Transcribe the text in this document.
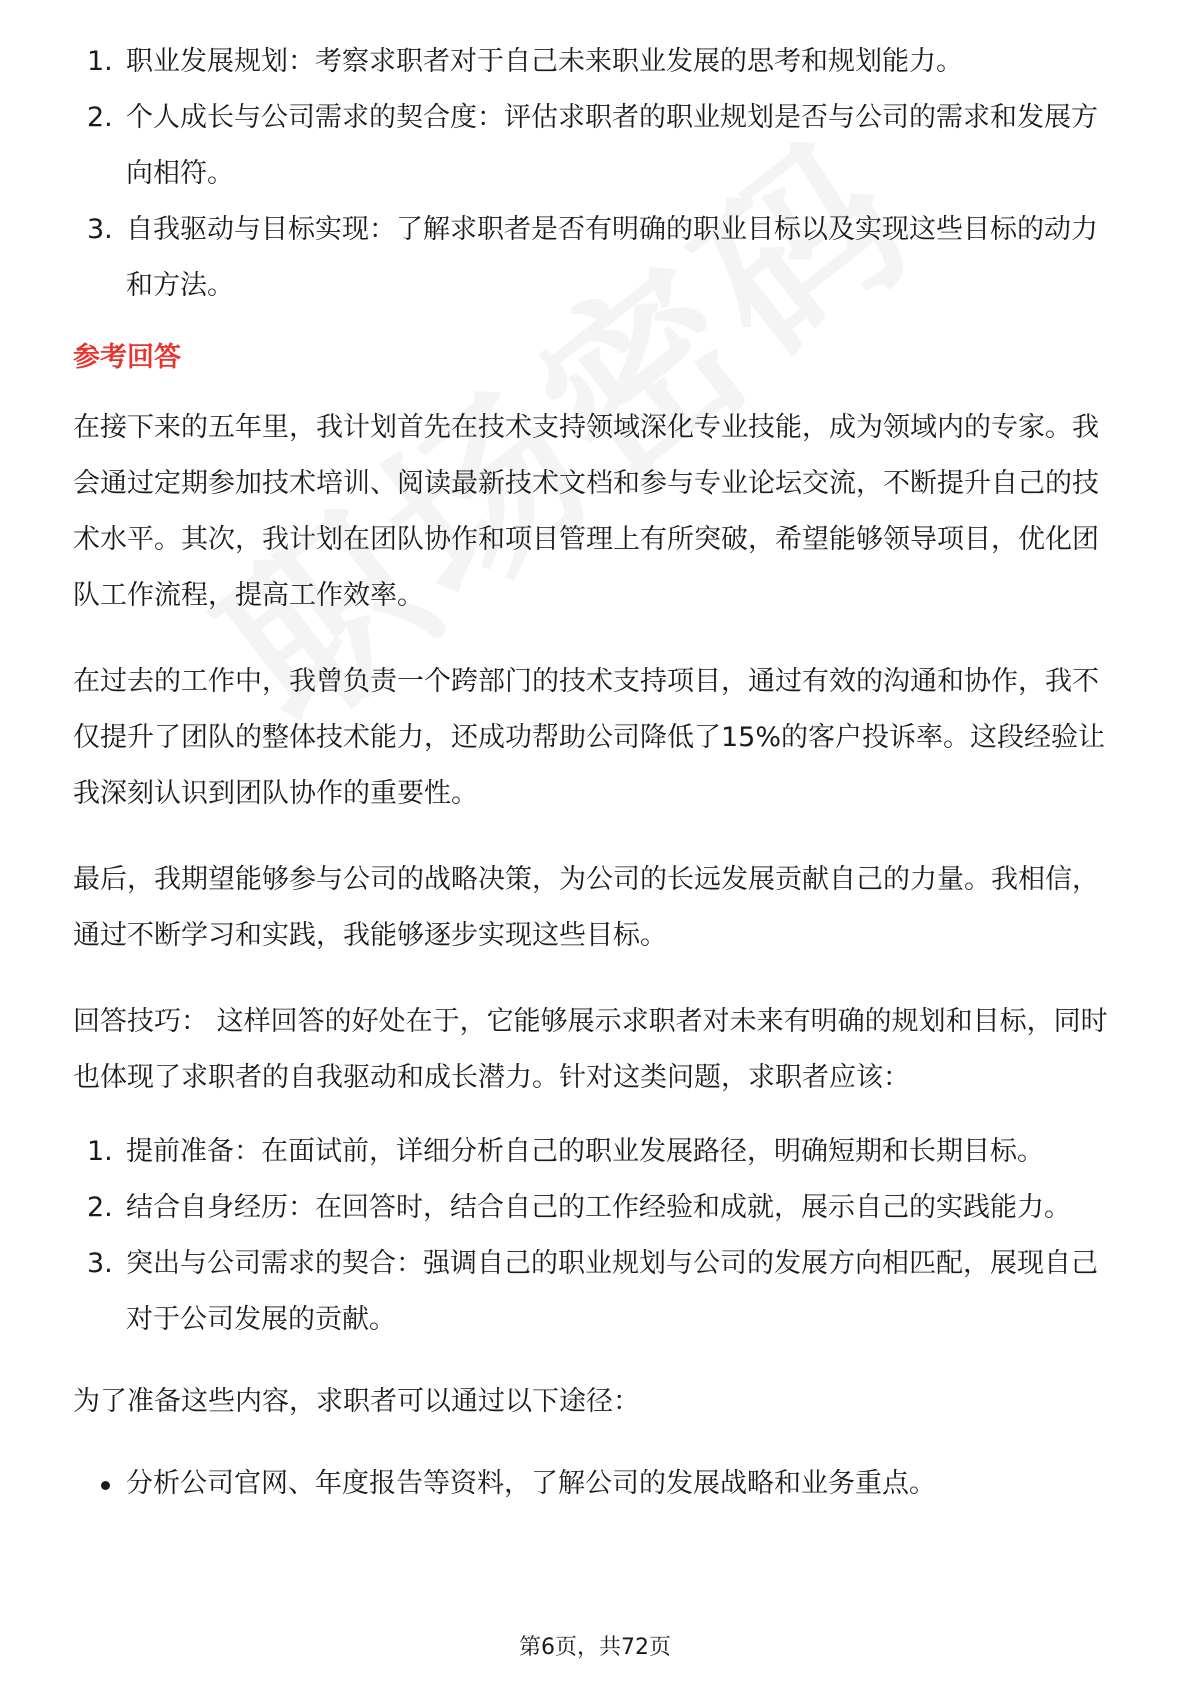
1. 职业发展规划：考察求职者对于自己未来职业发展的思考和规划能力。
2. 个人成长与公司需求的契合度：评估求职者的职业规划是否与公司的需求和发展方向相符。
3. 自我驱动与目标实现：了解求职者是否有明确的职业目标以及实现这些目标的动力和方法。
参考回答

在接下来的五年里，我计划首先在技术支持领域深化专业技能，成为领域内的专家。我会通过定期参加技术培训、阅读最新技术文档和参与专业论坛交流，不断提升自己的技术水平。其次，我计划在团队协作和项目管理上有所突破，希望能够领导项目，优化团队工作流程，提高工作效率。

在过去的工作中，我曾负责一个跨部门的技术支持项目，通过有效的沟通和协作，我不仅提升了团队的整体技术能力，还成功帮助公司降低了15%的客户投诉率。这段经验让我深刻认识到团队协作的重要性。

最后，我期望能够参与公司的战略决策，为公司的长远发展贡献自己的力量。我相信，通过不断学习和实践，我能够逐步实现这些目标。

回答技巧： 这样回答的好处在于，它能够展示求职者对未来有明确的规划和目标，同时也体现了求职者的自我驱动和成长潜力。针对这类问题，求职者应该：

1. 提前准备：在面试前，详细分析自己的职业发展路径，明确短期和长期目标。
2. 结合自身经历：在回答时，结合自己的工作经验和成就，展示自己的实践能力。
3. 突出与公司需求的契合：强调自己的职业规划与公司的发展方向相匹配，展现自己对于公司发展的贡献。

为了准备这些内容，求职者可以通过以下途径：

分析公司官网、年度报告等资料，了解公司的发展战略和业务重点。
第6页，共72页
